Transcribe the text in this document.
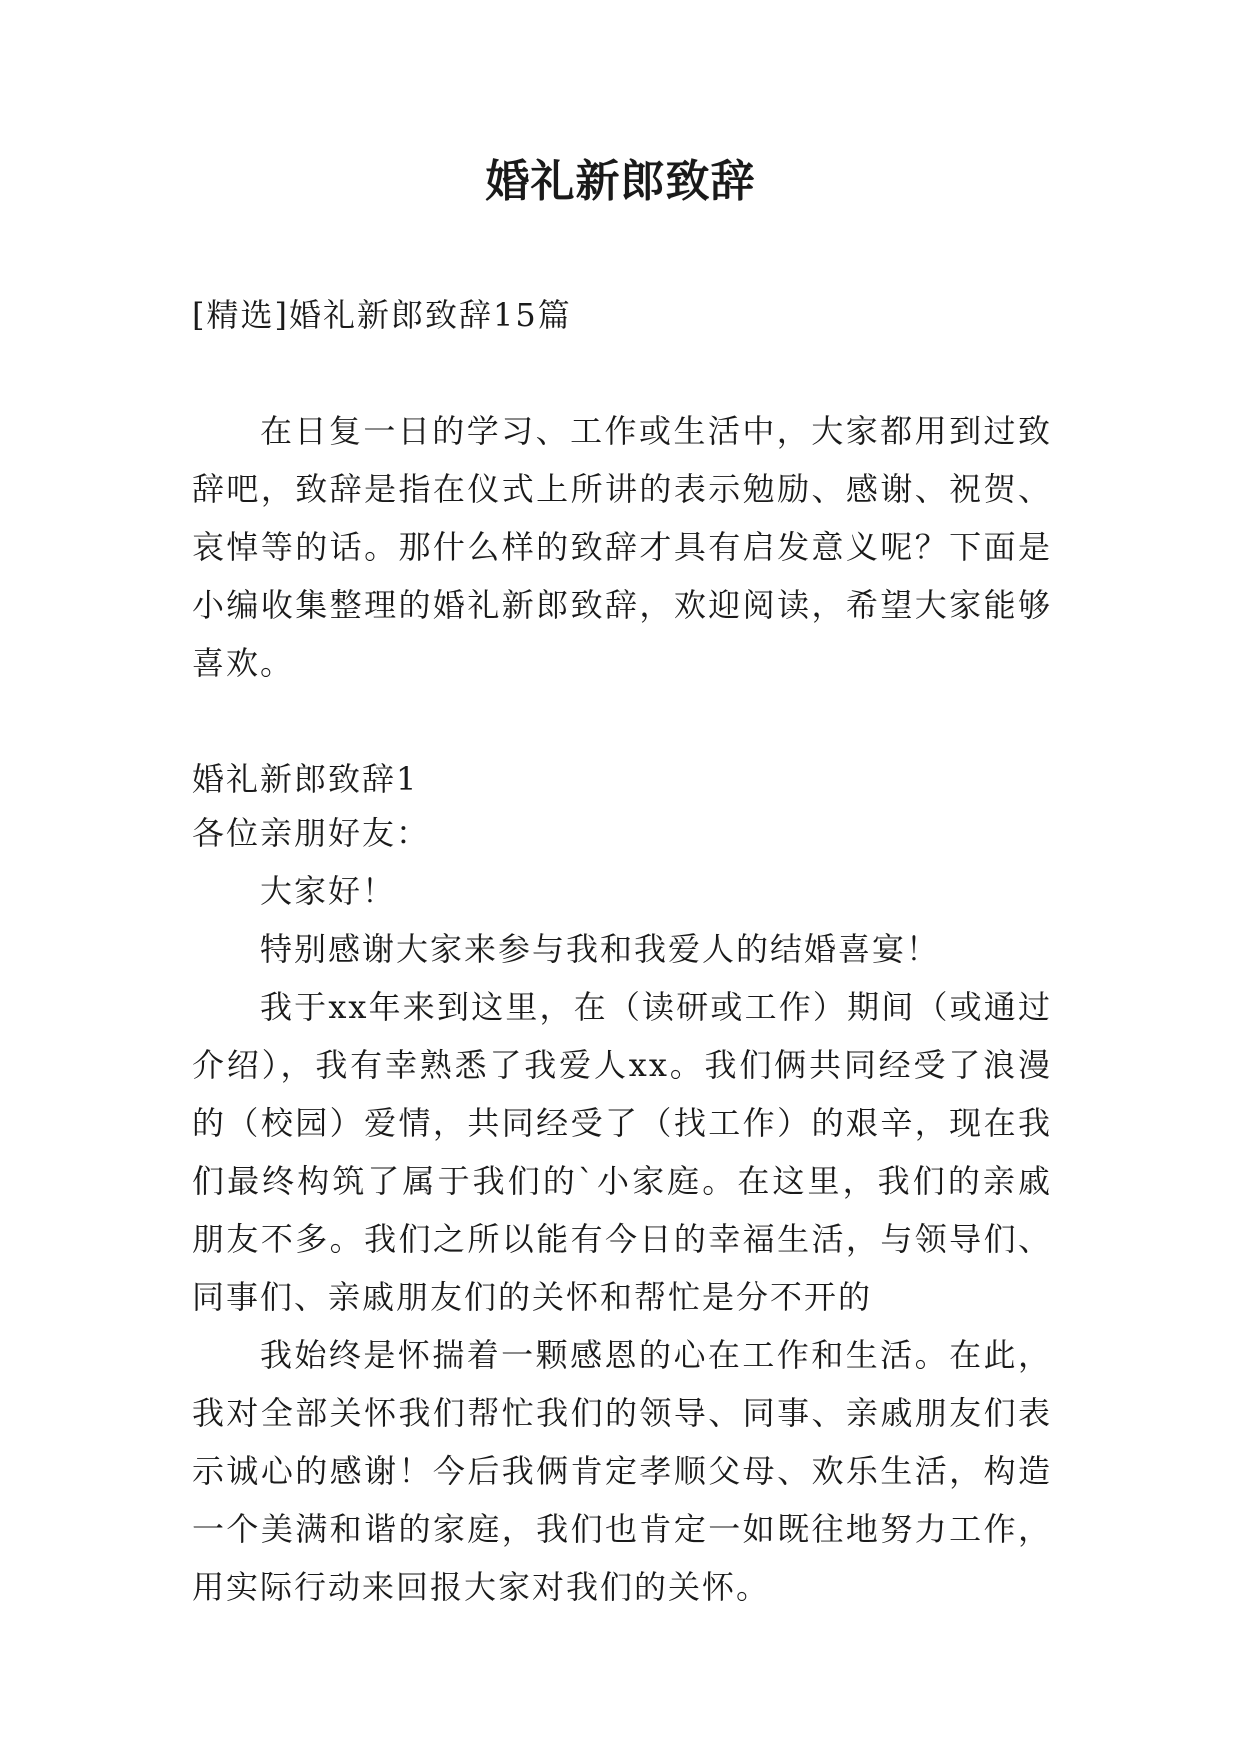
婚礼新郎致辞

[精选]婚礼新郎致辞15篇

在日复一日的学习、工作或生活中，大家都用到过致辞吧，致辞是指在仪式上所讲的表示勉励、感谢、祝贺、哀悼等的话。那什么样的致辞才具有启发意义呢？下面是小编收集整理的婚礼新郎致辞，欢迎阅读，希望大家能够喜欢。

婚礼新郎致辞1

各位亲朋好友：

大家好！

特别感谢大家来参与我和我爱人的结婚喜宴！

我于xx年来到这里，在（读研或工作）期间（或通过介绍），我有幸熟悉了我爱人xx。我们俩共同经受了浪漫的（校园）爱情，共同经受了（找工作）的艰辛，现在我们最终构筑了属于我们的`小家庭。在这里，我们的亲戚朋友不多。我们之所以能有今日的幸福生活，与领导们、同事们、亲戚朋友们的关怀和帮忙是分不开的

我始终是怀揣着一颗感恩的心在工作和生活。在此，我对全部关怀我们帮忙我们的领导、同事、亲戚朋友们表示诚心的感谢！今后我俩肯定孝顺父母、欢乐生活，构造一个美满和谐的家庭，我们也肯定一如既往地努力工作，用实际行动来回报大家对我们的关怀。
